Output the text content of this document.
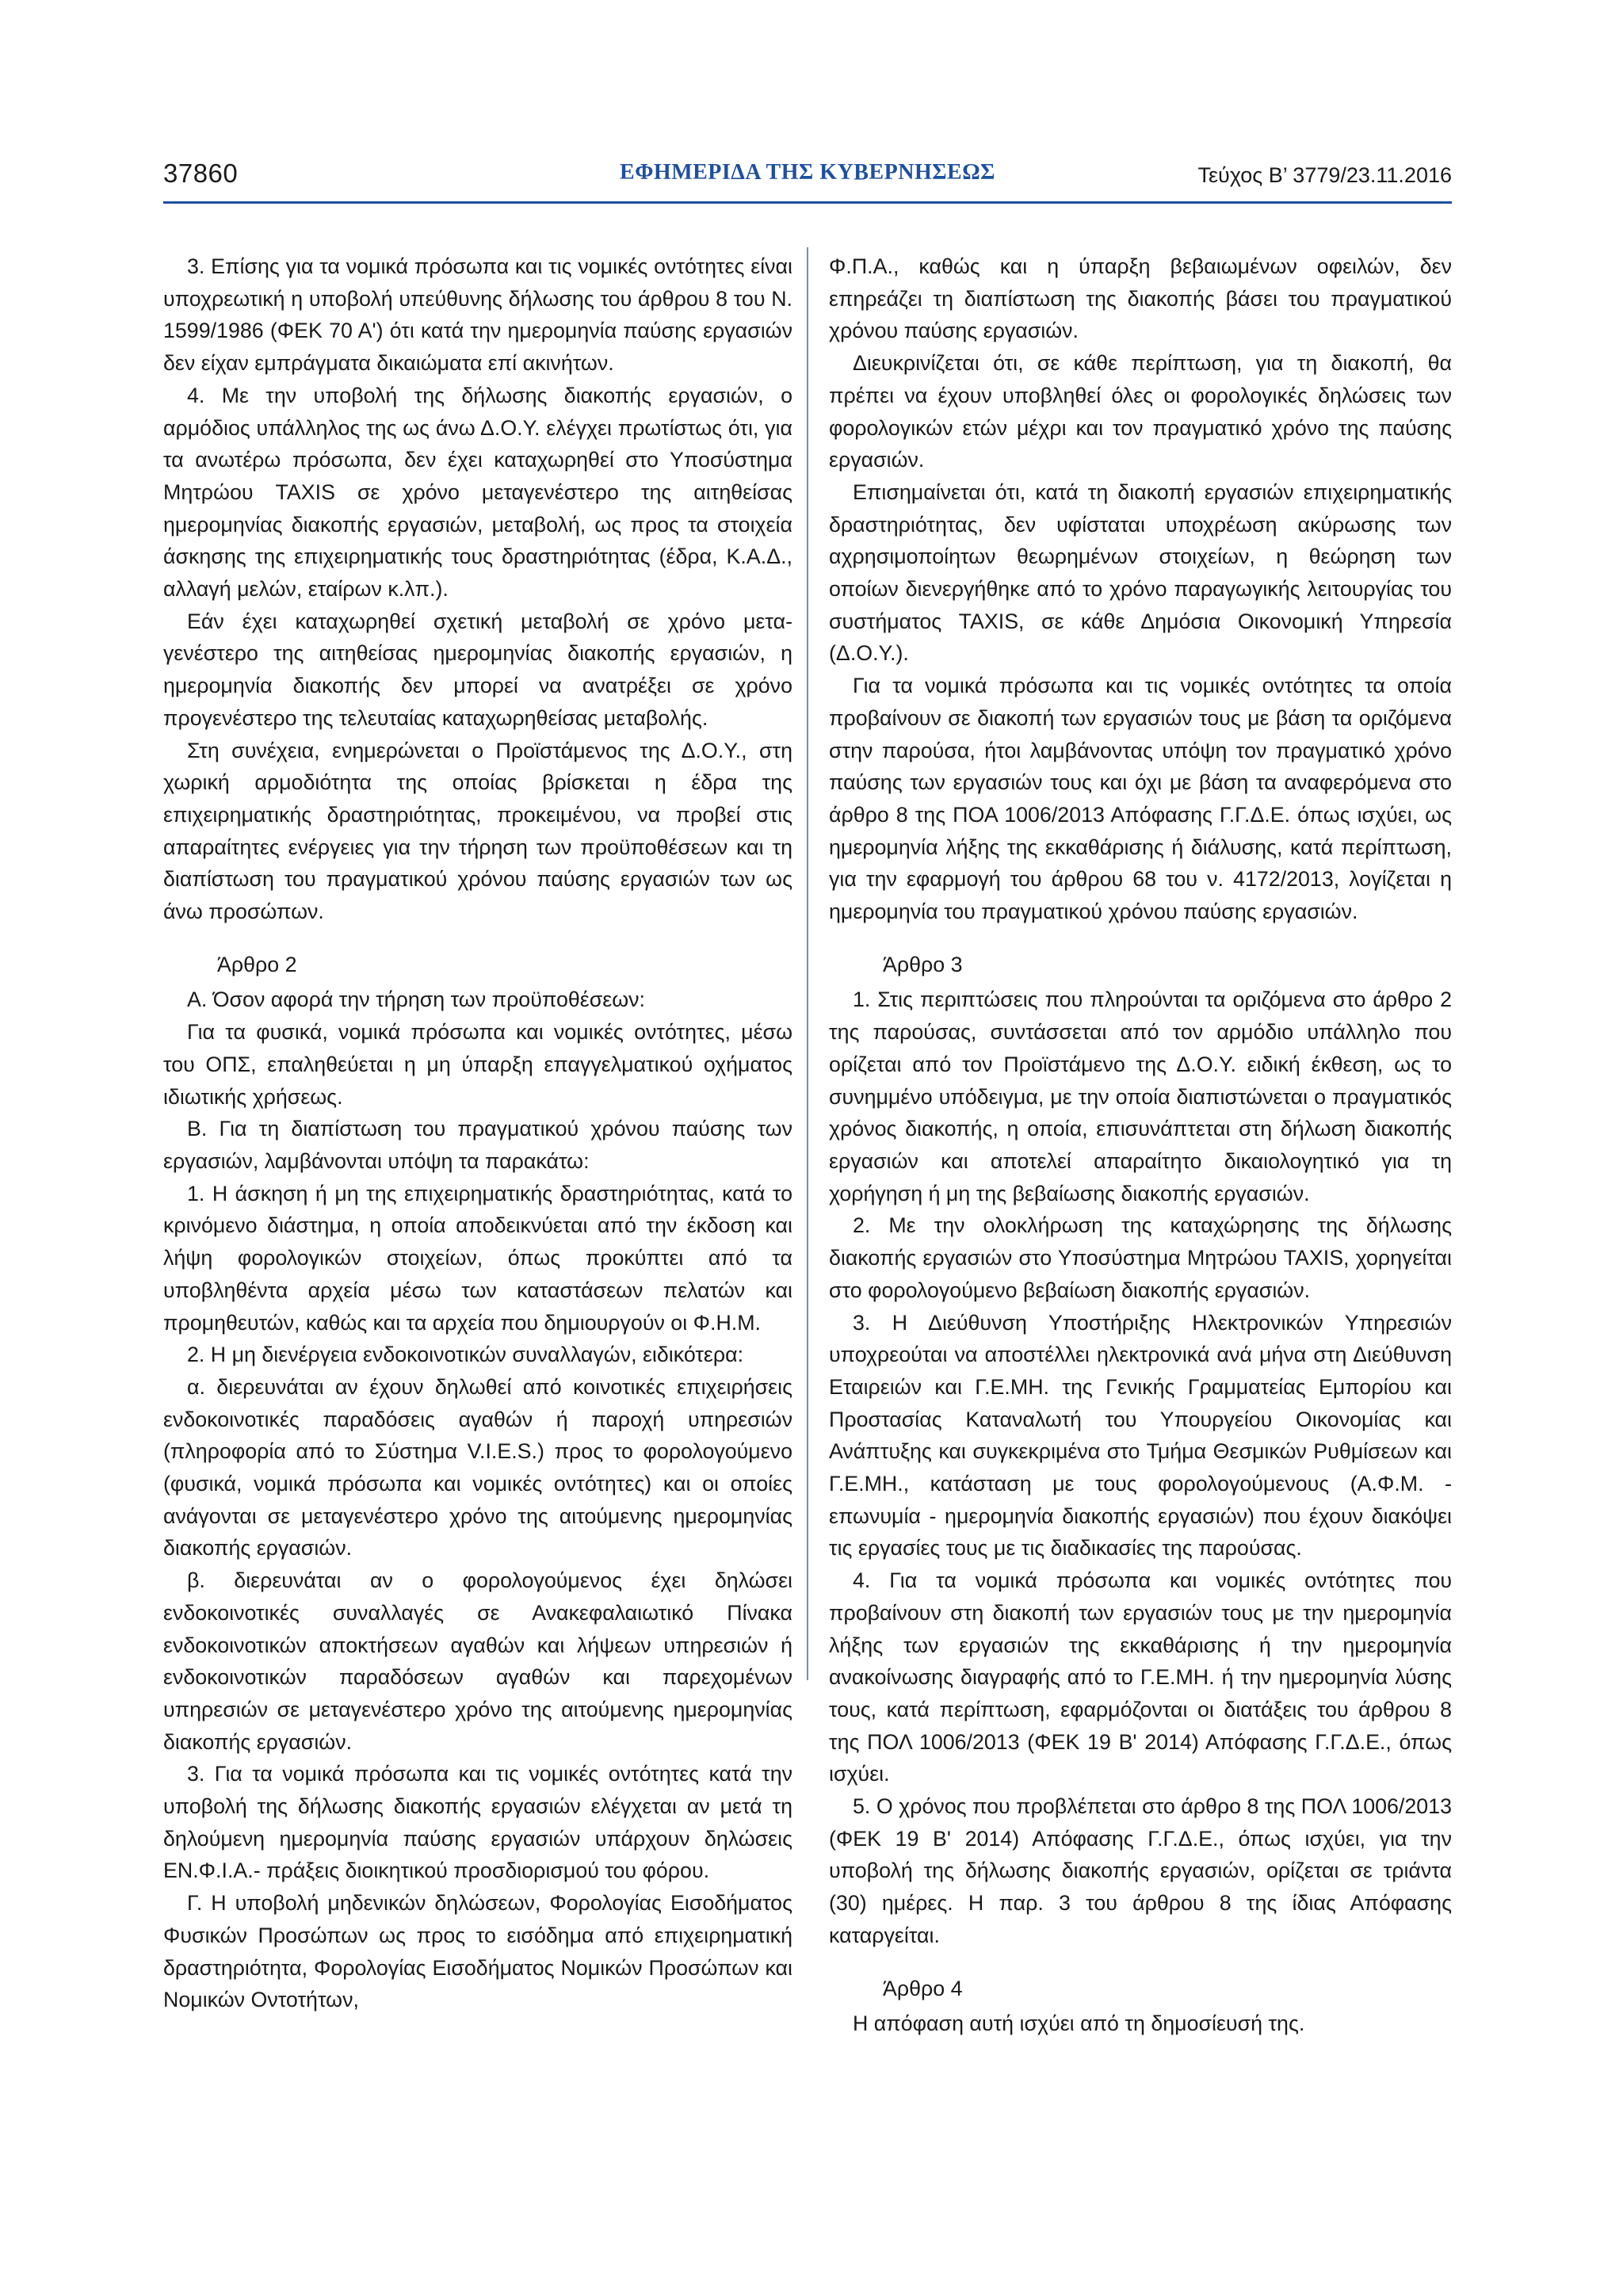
37860	ΕΦΗΜΕΡΙΔΑ ΤΗΣ ΚΥΒΕΡΝΗΣΕΩΣ	Τεύχος Β’ 3779/23.11.2016

3. Επίσης για τα νομικά πρόσωπα και τις νομικές οντότητες είναι υποχρεωτική η υποβολή υπεύθυνης δήλωσης του άρθρου 8 του Ν. 1599/1986 (ΦΕΚ 70 Α') ότι κατά την ημερομηνία παύσης εργασιών δεν είχαν εμπράγματα δικαιώματα επί ακινήτων.

4. Με την υποβολή της δήλωσης διακοπής εργασιών, ο αρμόδιος υπάλληλος της ως άνω Δ.Ο.Υ. ελέγχει πρωτίστως ότι, για τα ανωτέρω πρόσωπα, δεν έχει καταχωρηθεί στο Υποσύστημα Μητρώου TAXIS σε χρόνο μεταγενέστερο της αιτηθείσας ημερομηνίας διακοπής εργασιών, μεταβολή, ως προς τα στοιχεία άσκησης της επιχειρηματικής τους δραστηριότητας (έδρα, Κ.Α.Δ., αλλαγή μελών, εταίρων κ.λπ.).

Εάν έχει καταχωρηθεί σχετική μεταβολή σε χρόνο μεταγενέστερο της αιτηθείσας ημερομηνίας διακοπής εργασιών, η ημερομηνία διακοπής δεν μπορεί να ανατρέξει σε χρόνο προγενέστερο της τελευταίας καταχωρηθείσας μεταβολής.

Στη συνέχεια, ενημερώνεται ο Προϊστάμενος της Δ.Ο.Υ., στη χωρική αρμοδιότητα της οποίας βρίσκεται η έδρα της επιχειρηματικής δραστηριότητας, προκειμένου, να προβεί στις απαραίτητες ενέργειες για την τήρηση των προϋποθέσεων και τη διαπίστωση του πραγματικού χρόνου παύσης εργασιών των ως άνω προσώπων.

Άρθρο 2

Α. Όσον αφορά την τήρηση των προϋποθέσεων:

Για τα φυσικά, νομικά πρόσωπα και νομικές οντότητες, μέσω του ΟΠΣ, επαληθεύεται η μη ύπαρξη επαγγελματικού οχήματος ιδιωτικής χρήσεως.

Β. Για τη διαπίστωση του πραγματικού χρόνου παύσης των εργασιών, λαμβάνονται υπόψη τα παρακάτω:

1. Η άσκηση ή μη της επιχειρηματικής δραστηριότητας, κατά το κρινόμενο διάστημα, η οποία αποδεικνύεται από την έκδοση και λήψη φορολογικών στοιχείων, όπως προκύπτει από τα υποβληθέντα αρχεία μέσω των καταστάσεων πελατών και προμηθευτών, καθώς και τα αρχεία που δημιουργούν οι Φ.Η.Μ.

2. Η μη διενέργεια ενδοκοινοτικών συναλλαγών, ειδικότερα:

α. διερευνάται αν έχουν δηλωθεί από κοινοτικές επιχειρήσεις ενδοκοινοτικές παραδόσεις αγαθών ή παροχή υπηρεσιών (πληροφορία από το Σύστημα V.I.E.S.) προς το φορολογούμενο (φυσικά, νομικά πρόσωπα και νομικές οντότητες) και οι οποίες ανάγονται σε μεταγενέστερο χρόνο της αιτούμενης ημερομηνίας διακοπής εργασιών.

β. διερευνάται αν ο φορολογούμενος έχει δηλώσει ενδοκοινοτικές συναλλαγές σε Ανακεφαλαιωτικό Πίνακα ενδοκοινοτικών αποκτήσεων αγαθών και λήψεων υπηρεσιών ή ενδοκοινοτικών παραδόσεων αγαθών και παρεχομένων υπηρεσιών σε μεταγενέστερο χρόνο της αιτούμενης ημερομηνίας διακοπής εργασιών.

3. Για τα νομικά πρόσωπα και τις νομικές οντότητες κατά την υποβολή της δήλωσης διακοπής εργασιών ελέγχεται αν μετά τη δηλούμενη ημερομηνία παύσης εργασιών υπάρχουν δηλώσεις ΕΝ.Φ.Ι.Α.- πράξεις διοικητικού προσδιορισμού του φόρου.

Γ. Η υποβολή μηδενικών δηλώσεων, Φορολογίας Εισοδήματος Φυσικών Προσώπων ως προς το εισόδημα από επιχειρηματική δραστηριότητα, Φορολογίας Εισοδήματος Νομικών Προσώπων και Νομικών Οντοτήτων,

Φ.Π.Α., καθώς και η ύπαρξη βεβαιωμένων οφειλών, δεν επηρεάζει τη διαπίστωση της διακοπής βάσει του πραγματικού χρόνου παύσης εργασιών.

Διευκρινίζεται ότι, σε κάθε περίπτωση, για τη διακοπή, θα πρέπει να έχουν υποβληθεί όλες οι φορολογικές δηλώσεις των φορολογικών ετών μέχρι και τον πραγματικό χρόνο της παύσης εργασιών.

Επισημαίνεται ότι, κατά τη διακοπή εργασιών επιχειρηματικής δραστηριότητας, δεν υφίσταται υποχρέωση ακύρωσης των αχρησιμοποίητων θεωρημένων στοιχείων, η θεώρηση των οποίων διενεργήθηκε από το χρόνο παραγωγικής λειτουργίας του συστήματος TAXIS, σε κάθε Δημόσια Οικονομική Υπηρεσία (Δ.Ο.Υ.).

Για τα νομικά πρόσωπα και τις νομικές οντότητες τα οποία προβαίνουν σε διακοπή των εργασιών τους με βάση τα οριζόμενα στην παρούσα, ήτοι λαμβάνοντας υπόψη τον πραγματικό χρόνο παύσης των εργασιών τους και όχι με βάση τα αναφερόμενα στο άρθρο 8 της ΠΟΑ 1006/2013 Απόφασης Γ.Γ.Δ.Ε. όπως ισχύει, ως ημερομηνία λήξης της εκκαθάρισης ή διάλυσης, κατά περίπτωση, για την εφαρμογή του άρθρου 68 του ν. 4172/2013, λογίζεται η ημερομηνία του πραγματικού χρόνου παύσης εργασιών.

Άρθρο 3

1. Στις περιπτώσεις που πληρούνται τα οριζόμενα στο άρθρο 2 της παρούσας, συντάσσεται από τον αρμόδιο υπάλληλο που ορίζεται από τον Προϊστάμενο της Δ.Ο.Υ. ειδική έκθεση, ως το συνημμένο υπόδειγμα, με την οποία διαπιστώνεται ο πραγματικός χρόνος διακοπής, η οποία, επισυνάπτεται στη δήλωση διακοπής εργασιών και αποτελεί απαραίτητο δικαιολογητικό για τη χορήγηση ή μη της βεβαίωσης διακοπής εργασιών.

2. Με την ολοκλήρωση της καταχώρησης της δήλωσης διακοπής εργασιών στο Υποσύστημα Μητρώου TAXIS, χορηγείται στο φορολογούμενο βεβαίωση διακοπής εργασιών.

3. Η Διεύθυνση Υποστήριξης Ηλεκτρονικών Υπηρεσιών υποχρεούται να αποστέλλει ηλεκτρονικά ανά μήνα στη Διεύθυνση Εταιρειών και Γ.Ε.ΜΗ. της Γενικής Γραμματείας Εμπορίου και Προστασίας Καταναλωτή του Υπουργείου Οικονομίας και Ανάπτυξης και συγκεκριμένα στο Τμήμα Θεσμικών Ρυθμίσεων και Γ.Ε.ΜΗ., κατάσταση με τους φορολογούμενους (Α.Φ.Μ. - επωνυμία - ημερομηνία διακοπής εργασιών) που έχουν διακόψει τις εργασίες τους με τις διαδικασίες της παρούσας.

4. Για τα νομικά πρόσωπα και νομικές οντότητες που προβαίνουν στη διακοπή των εργασιών τους με την ημερομηνία λήξης των εργασιών της εκκαθάρισης ή την ημερομηνία ανακοίνωσης διαγραφής από το Γ.Ε.ΜΗ. ή την ημερομηνία λύσης τους, κατά περίπτωση, εφαρμόζονται οι διατάξεις του άρθρου 8 της ΠΟΛ 1006/2013 (ΦΕΚ 19 Β' 2014) Απόφασης Γ.Γ.Δ.Ε., όπως ισχύει.

5. Ο χρόνος που προβλέπεται στο άρθρο 8 της ΠΟΛ 1006/2013 (ΦΕΚ 19 Β' 2014) Απόφασης Γ.Γ.Δ.Ε., όπως ισχύει, για την υποβολή της δήλωσης διακοπής εργασιών, ορίζεται σε τριάντα (30) ημέρες. Η παρ. 3 του άρθρου 8 της ίδιας Απόφασης καταργείται.

Άρθρο 4

Η απόφαση αυτή ισχύει από τη δημοσίευσή της.
